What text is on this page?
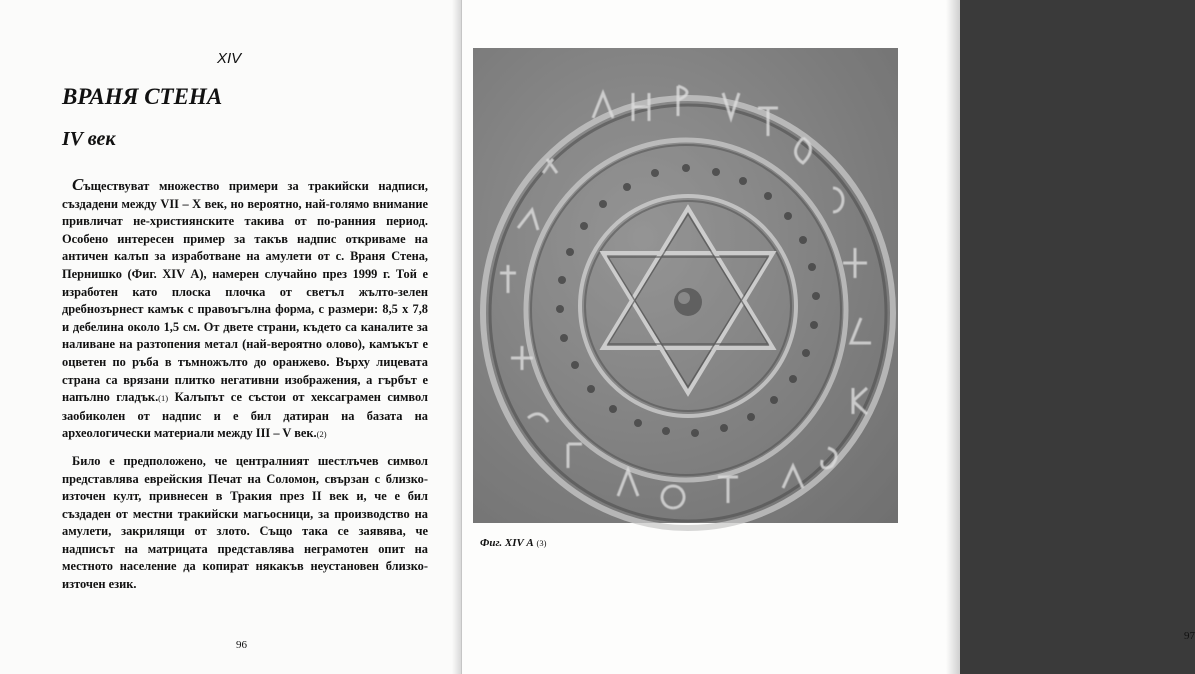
XIV
ВРАНЯ СТЕНА
IV век

Съществуват множество примери за тракийски надписи, създадени между VII – X век, но вероятно, най-голямо внимание привличат не-християнските такива от по-ранния период. Особено интересен пример за такъв надпис откриваме на античен калъп за изработване на амулети от с. Враня Стена, Пернишко (Фиг. XIV А), намерен случайно през 1999 г. Той е изработен като плоска плочка от светъл жълто-зелен дребнозърнест камък с правоъгълна форма, с размери: 8,5 х 7,8 и дебелина около 1,5 см. От двете страни, където са каналите за наливане на разтопения метал (най-вероятно олово), камъкът е оцветен по ръба в тъмножълто до оранжево. Върху лицевата страна са врязани плитко негативни изображения, а гърбът е напълно гладък.(1) Калъпът се състои от хексаграмен символ заобиколен от надпис и е бил датиран на базата на археологически материали между III – V век.(2)

Било е предположено, че централният шестлъчев символ представлява еврейския Печат на Соломон, свързан с близко-източен култ, привнесен в Тракия през II век и, че е бил създаден от местни тракийски магьосници, за производство на амулети, закрилящи от злото. Също така се заявява, че надписът на матрицата представлява неграмотен опит на местното население да копират някакъв неустановен близко-източен език.

96
97
Фиг. XIV А (3)
